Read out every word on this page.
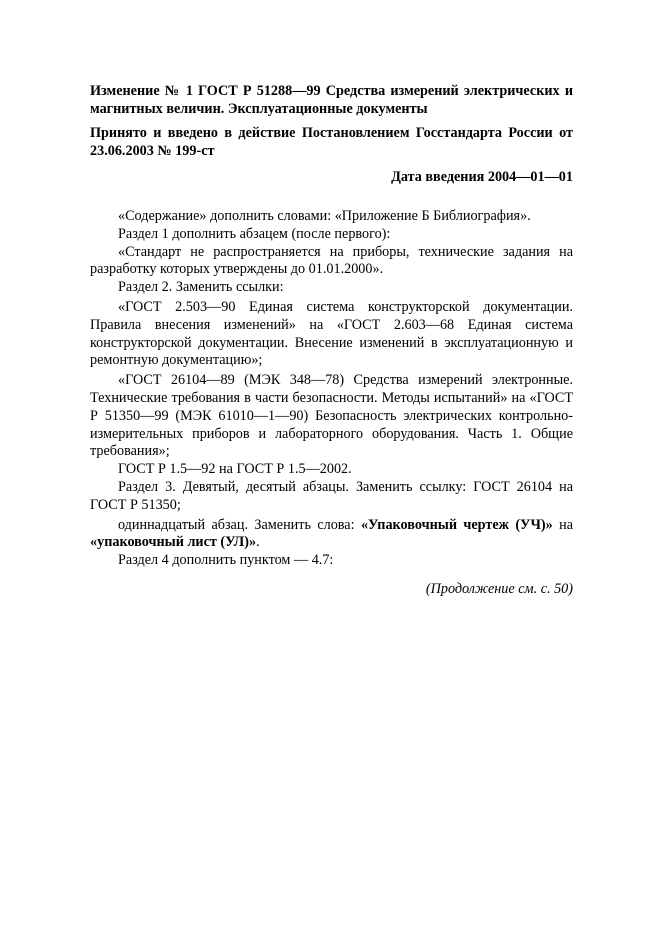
Изменение № 1 ГОСТ Р 51288—99 Средства измерений электрических и магнитных величин. Эксплуатационные документы

Принято и введено в действие Постановлением Госстандарта России от 23.06.2003 № 199-ст

Дата введения 2004—01—01

«Содержание» дополнить словами: «Приложение Б Библиография».

Раздел 1 дополнить абзацем (после первого):

«Стандарт не распространяется на приборы, технические задания на разработку которых утверждены до 01.01.2000».

Раздел 2. Заменить ссылки:

«ГОСТ 2.503—90 Единая система конструкторской документации. Правила внесения изменений» на «ГОСТ 2.603—68 Единая система конструкторской документации. Внесение изменений в эксплуатационную и ремонтную документацию»;

«ГОСТ 26104—89 (МЭК 348—78) Средства измерений электронные. Технические требования в части безопасности. Методы испытаний» на «ГОСТ Р 51350—99 (МЭК 61010—1—90) Безопасность электрических контрольно-измерительных приборов и лабораторного оборудования. Часть 1. Общие требования»;

ГОСТ Р 1.5—92 на ГОСТ Р 1.5—2002.

Раздел 3. Девятый, десятый абзацы. Заменить ссылку: ГОСТ 26104 на ГОСТ Р 51350;

одиннадцатый абзац. Заменить слова: «Упаковочный чертеж (УЧ)» на «упаковочный лист (УЛ)».

Раздел 4 дополнить пунктом — 4.7:

(Продолжение см. с. 50)
